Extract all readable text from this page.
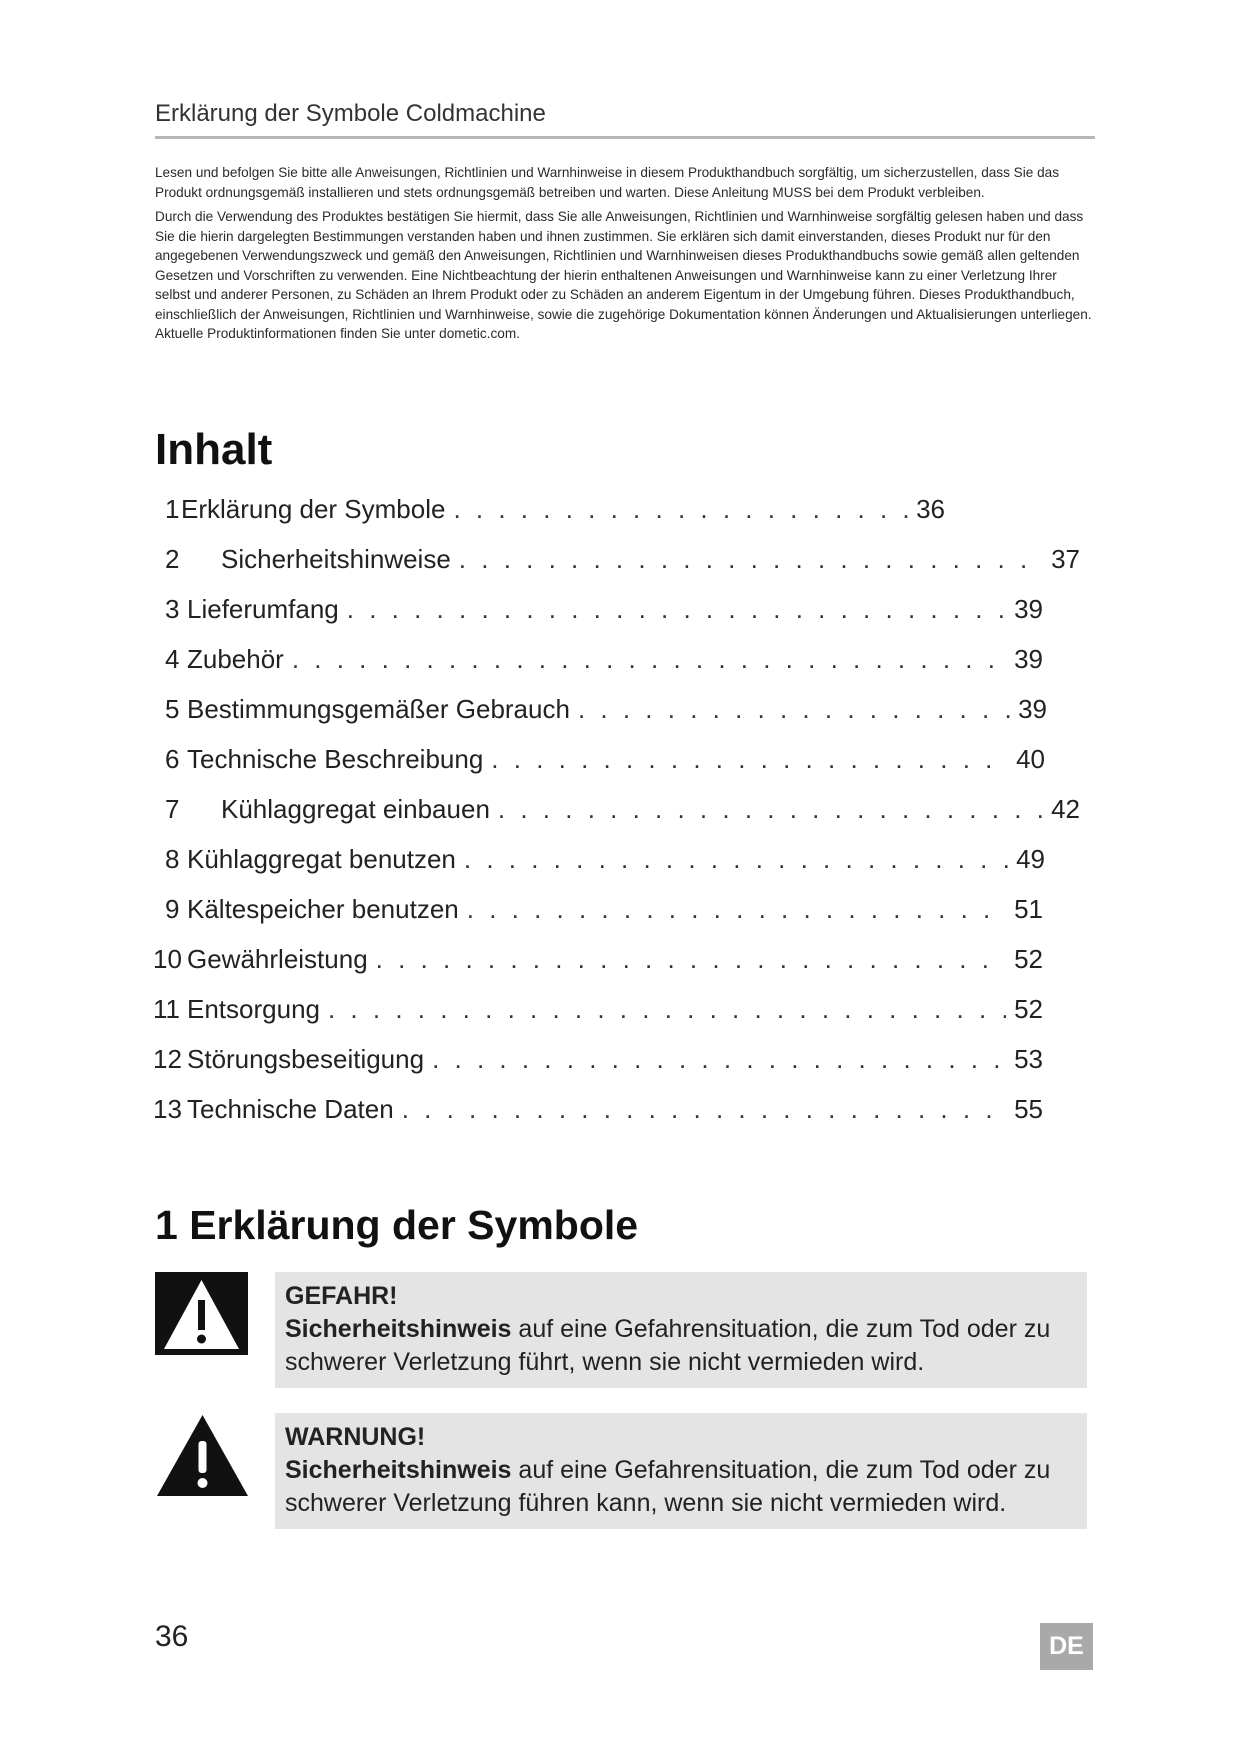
Erklärung der Symbole Coldmachine

Lesen und befolgen Sie bitte alle Anweisungen, Richtlinien und Warnhinweise in diesem Produkthandbuch sorgfältig, um sicherzustellen, dass Sie das Produkt ordnungsgemäß installieren und stets ordnungsgemäß betreiben und warten. Diese Anleitung MUSS bei dem Produkt verbleiben.

Durch die Verwendung des Produktes bestätigen Sie hiermit, dass Sie alle Anweisungen, Richtlinien und Warnhinweise sorgfältig gelesen haben und dass Sie die hierin dargelegten Bestimmungen verstanden haben und ihnen zustimmen. Sie erklären sich damit einverstanden, dieses Produkt nur für den angegebenen Verwendungszweck und gemäß den Anweisungen, Richtlinien und Warnhinweisen dieses Produkthandbuchs sowie gemäß allen geltenden Gesetzen und Vorschriften zu verwenden. Eine Nichtbeachtung der hierin enthaltenen Anweisungen und Warnhinweise kann zu einer Verletzung Ihrer selbst und anderer Personen, zu Schäden an Ihrem Produkt oder zu Schäden an anderem Eigentum in der Umgebung führen. Dieses Produkthandbuch, einschließlich der Anweisungen, Richtlinien und Warnhinweise, sowie die zugehörige Dokumentation können Änderungen und Aktualisierungen unterliegen. Aktuelle Produktinformationen finden Sie unter dometic.com.

Inhalt
1 Erklärung der Symbole . . .	36
2	Sicherheitshinweise . . .	37
3 Lieferumfang . . .	39
4 Zubehör . . .	39
5 Bestimmungsgemäßer Gebrauch . . .	39
6 Technische Beschreibung . . .	40
7	Kühlaggregat einbauen . . .	42
8 Kühlaggregat benutzen . . .	49
9 Kältespeicher benutzen . . .	51
10 Gewährleistung . . .	52
11 Entsorgung . . .	52
12 Störungsbeseitigung . . .	53
13 Technische Daten . . .	55
1 Erklärung der Symbole
GEFAHR!
Sicherheitshinweis auf eine Gefahrensituation, die zum Tod oder zu schwerer Verletzung führt, wenn sie nicht vermieden wird.
WARNUNG!
Sicherheitshinweis auf eine Gefahrensituation, die zum Tod oder zu schwerer Verletzung führen kann, wenn sie nicht vermieden wird.
36	DE
